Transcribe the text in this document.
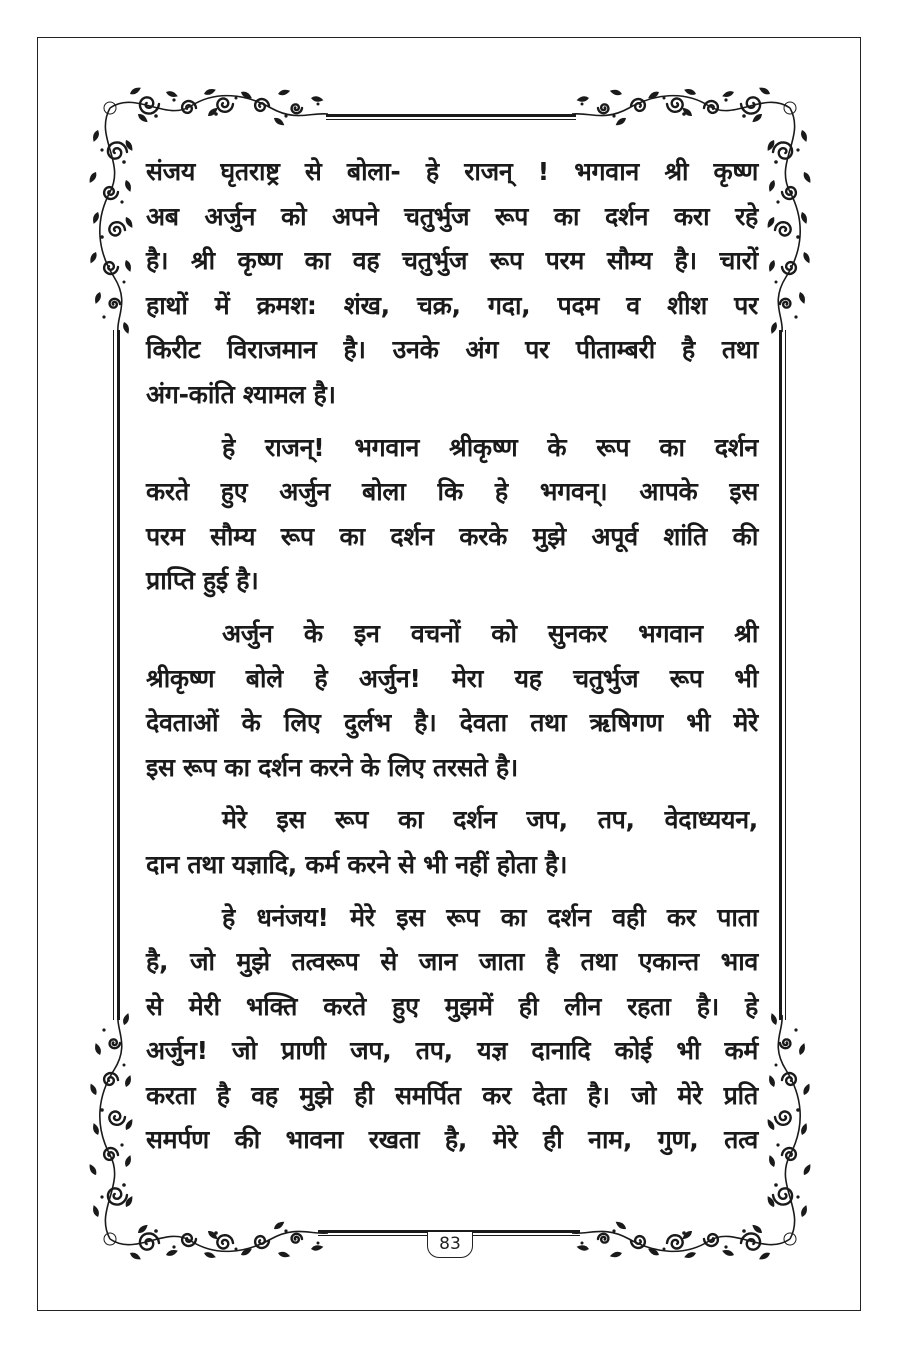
संजय घृतराष्ट्र से बोला- हे राजन् ! भगवान श्री कृष्ण
अब अर्जुन को अपने चतुर्भुज रूप का दर्शन करा रहे
है। श्री कृष्ण का वह चतुर्भुज रूप परम सौम्य है। चारों
हाथों में क्रमश: शंख, चक्र, गदा, पदम व शीश पर
किरीट विराजमान है। उनके अंग पर पीताम्बरी है तथा
अंग-कांति श्यामल है।
हे राजन्! भगवान श्रीकृष्ण के रूप का दर्शन
करते हुए अर्जुन बोला कि हे भगवन्। आपके इस
परम सौम्य रूप का दर्शन करके मुझे अपूर्व शांति की
प्राप्ति हुई है।
अर्जुन के इन वचनों को सुनकर भगवान श्री
श्रीकृष्ण बोले हे अर्जुन! मेरा यह चतुर्भुज रूप भी
देवताओं के लिए दुर्लभ है। देवता तथा ऋषिगण भी मेरे
इस रूप का दर्शन करने के लिए तरसते है।
मेरे इस रूप का दर्शन जप, तप, वेदाध्ययन,
दान तथा यज्ञादि, कर्म करने से भी नहीं होता है।
हे धनंजय! मेरे इस रूप का दर्शन वही कर पाता
है, जो मुझे तत्वरूप से जान जाता है तथा एकान्त भाव
से मेरी भक्ति करते हुए मुझमें ही लीन रहता है। हे
अर्जुन! जो प्राणी जप, तप, यज्ञ दानादि कोई भी कर्म
करता है वह मुझे ही समर्पित कर देता है। जो मेरे प्रति
समर्पण की भावना रखता है, मेरे ही नाम, गुण, तत्व
83
